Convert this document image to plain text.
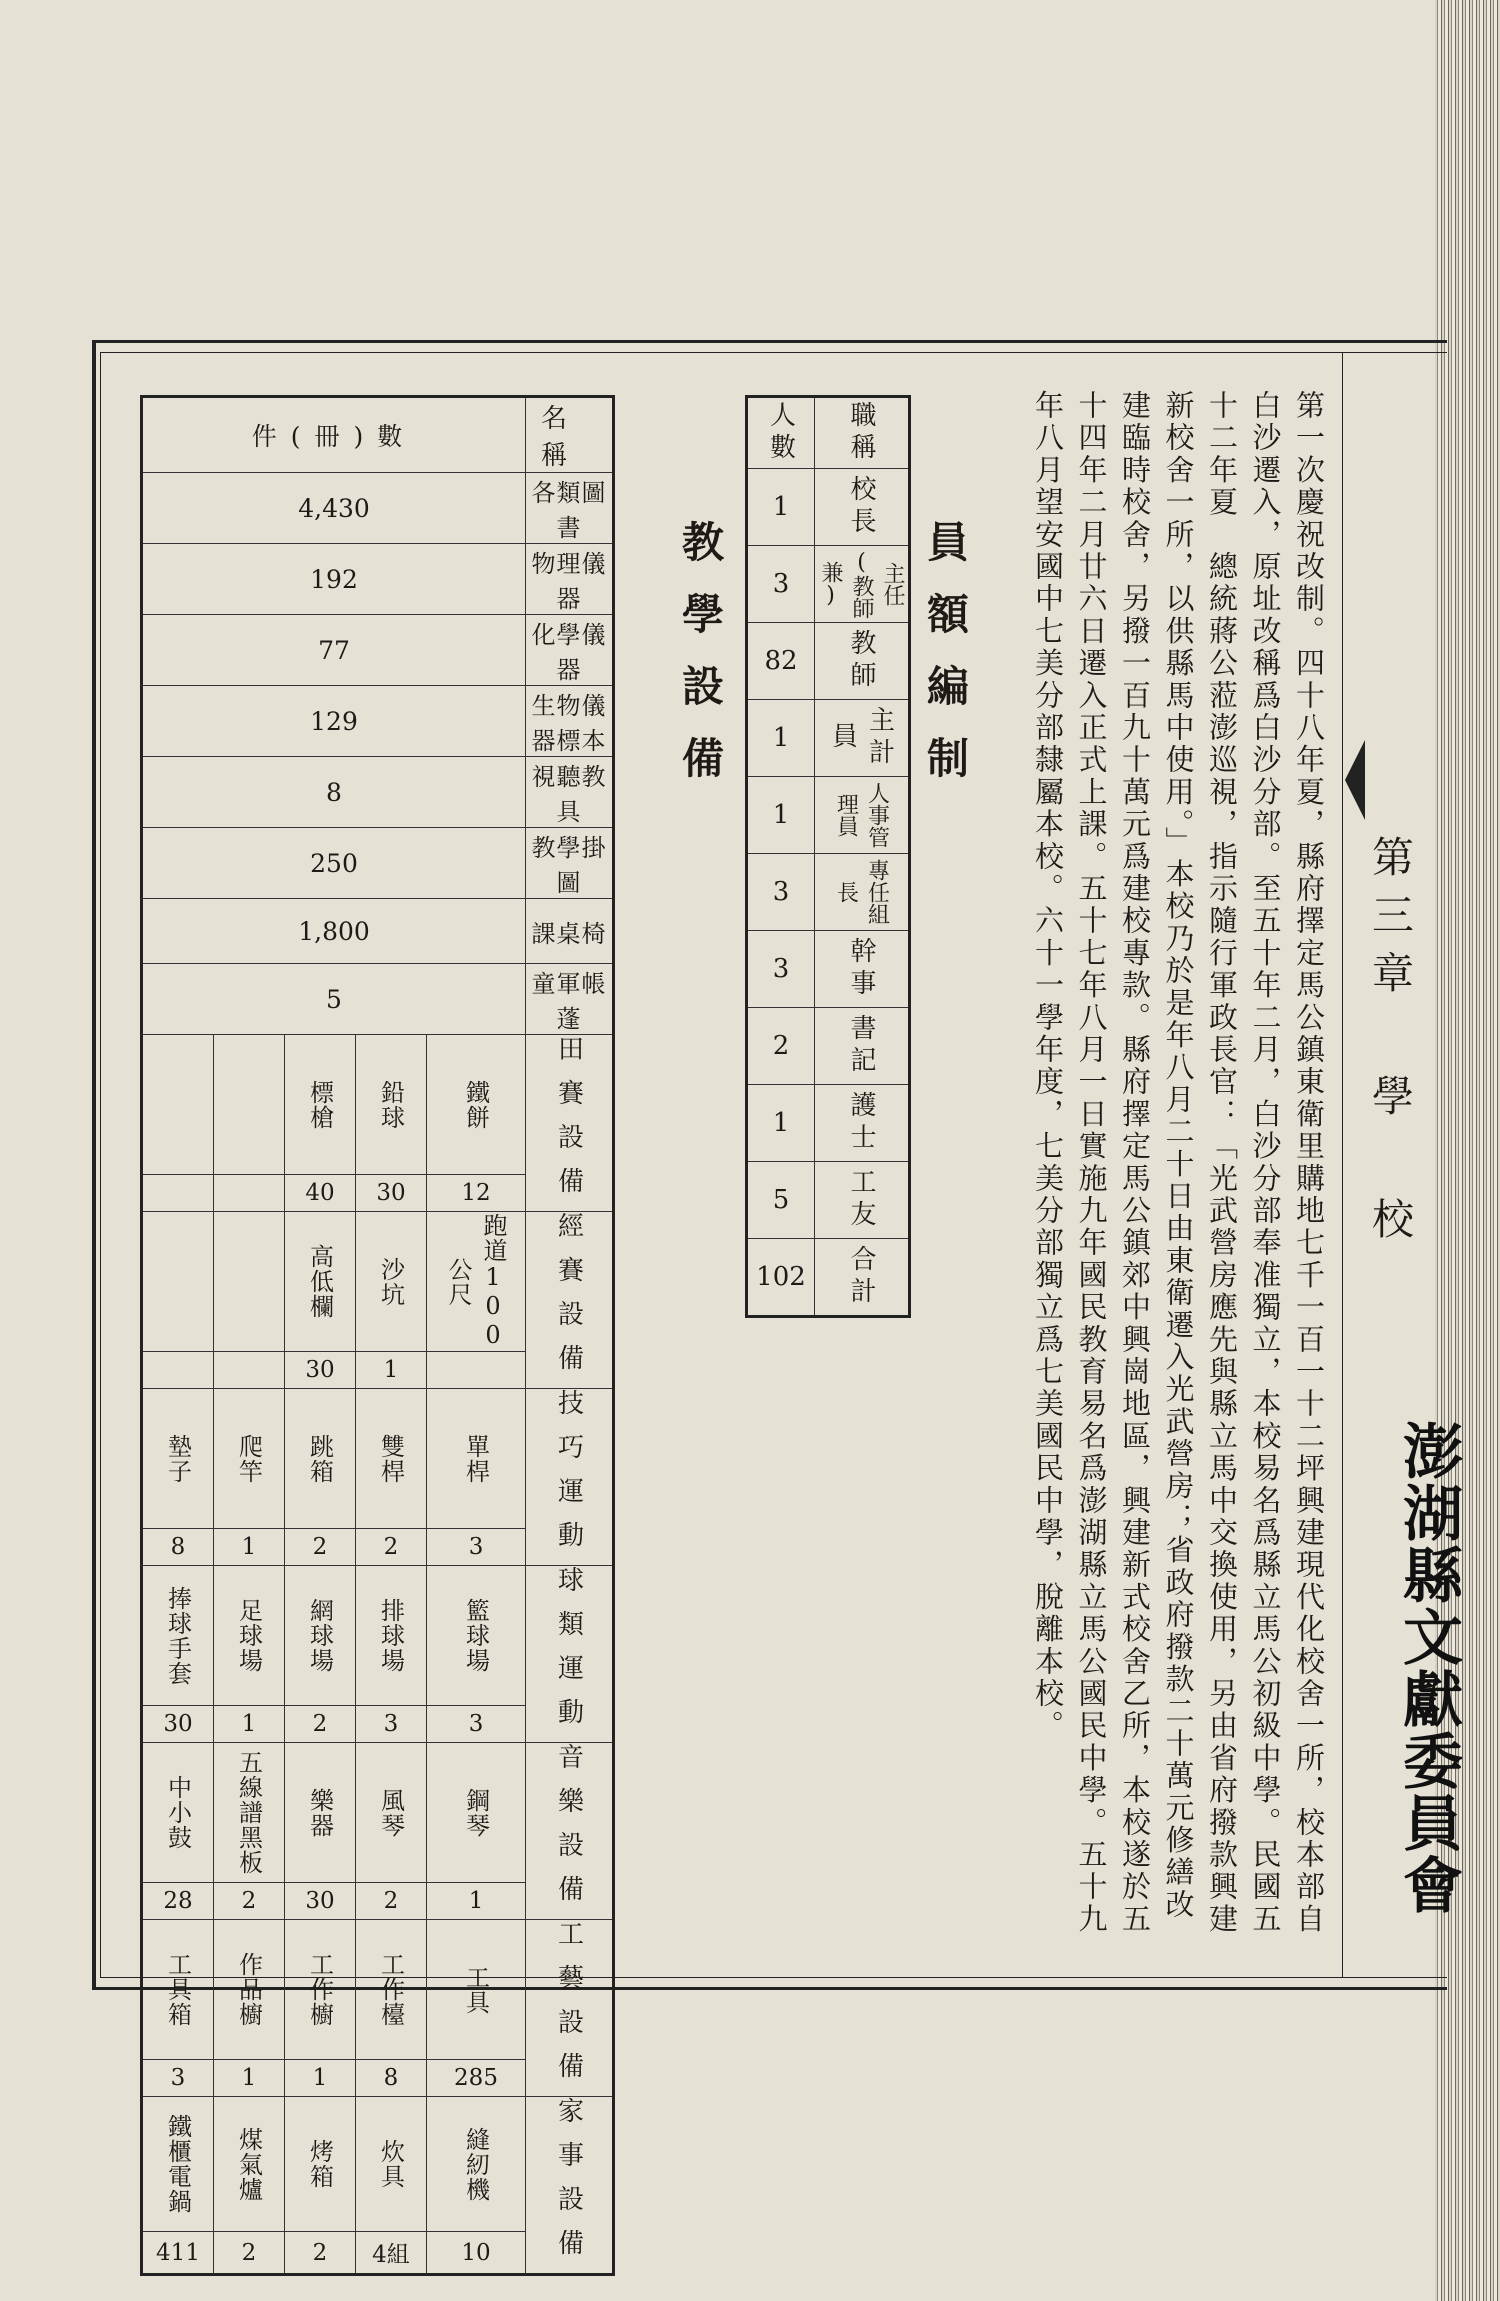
第三章 學 校
澎湖縣文獻委員會
第一次慶祝改制。四十八年夏，縣府擇定馬公鎮東衛里購地七千一百一十二坪興建現代化校舍一所，校本部自白沙遷入，原址改稱爲白沙分部。至五十年二月，白沙分部奉准獨立，本校易名爲縣立馬公初級中學。民國五十二年夏　總統蔣公蒞澎巡視，指示隨行軍政長官：「光武營房應先與縣立馬中交換使用，另由省府撥款興建新校舍一所，以供縣馬中使用。」本校乃於是年八月二十日由東衛遷入光武營房；省政府撥款二十萬元修繕改建臨時校舍，另撥一百九十萬元爲建校專款。縣府擇定馬公鎮郊中興崗地區，興建新式校舍乙所，本校遂於五十四年二月廿六日遷入正式上課。五十七年八月一日實施九年國民教育易名爲澎湖縣立馬公國民中學。五十九年八月望安國中七美分部隸屬本校。六十一學年度，七美分部獨立爲七美國民中學，脫離本校。
員額編制
人數	職稱
1	校長
3	主任(教師兼)
82	教師
1	主計員
1	人事管理員
3	專任組長
3	幹事
2	書記
1	護士
5	工友
102	合計
教學設備
件(冊)數					名稱
4,430					各類圖書
192					物理儀器
77					化學儀器
129					生物儀器標本
8					視聽教具
250					教學掛圖
1,800					課桌椅
5					童軍帳蓬
		標槍	鉛球	鐵餅	田賽設備
		40	30	12	
		高低欄	沙坑	跑道100公尺	經賽設備
		30	1		
墊子	爬竿	跳箱	雙桿	單桿	技巧運動
8	1	2	2	3	
捧球手套	足球場	網球場	排球場	籃球場	球類運動
30	1	2	3	3	
中小鼓	五線譜黑板	樂器	風琴	鋼琴	音樂設備
28	2	30	2	1	
工具箱	作品櫥	工作櫥	工作檯	工具	工藝設備
3	1	1	8	285	
鐵櫃電鍋	煤氣爐	烤箱	炊具	縫紉機	家事設備
411	2	2	4組	10	
